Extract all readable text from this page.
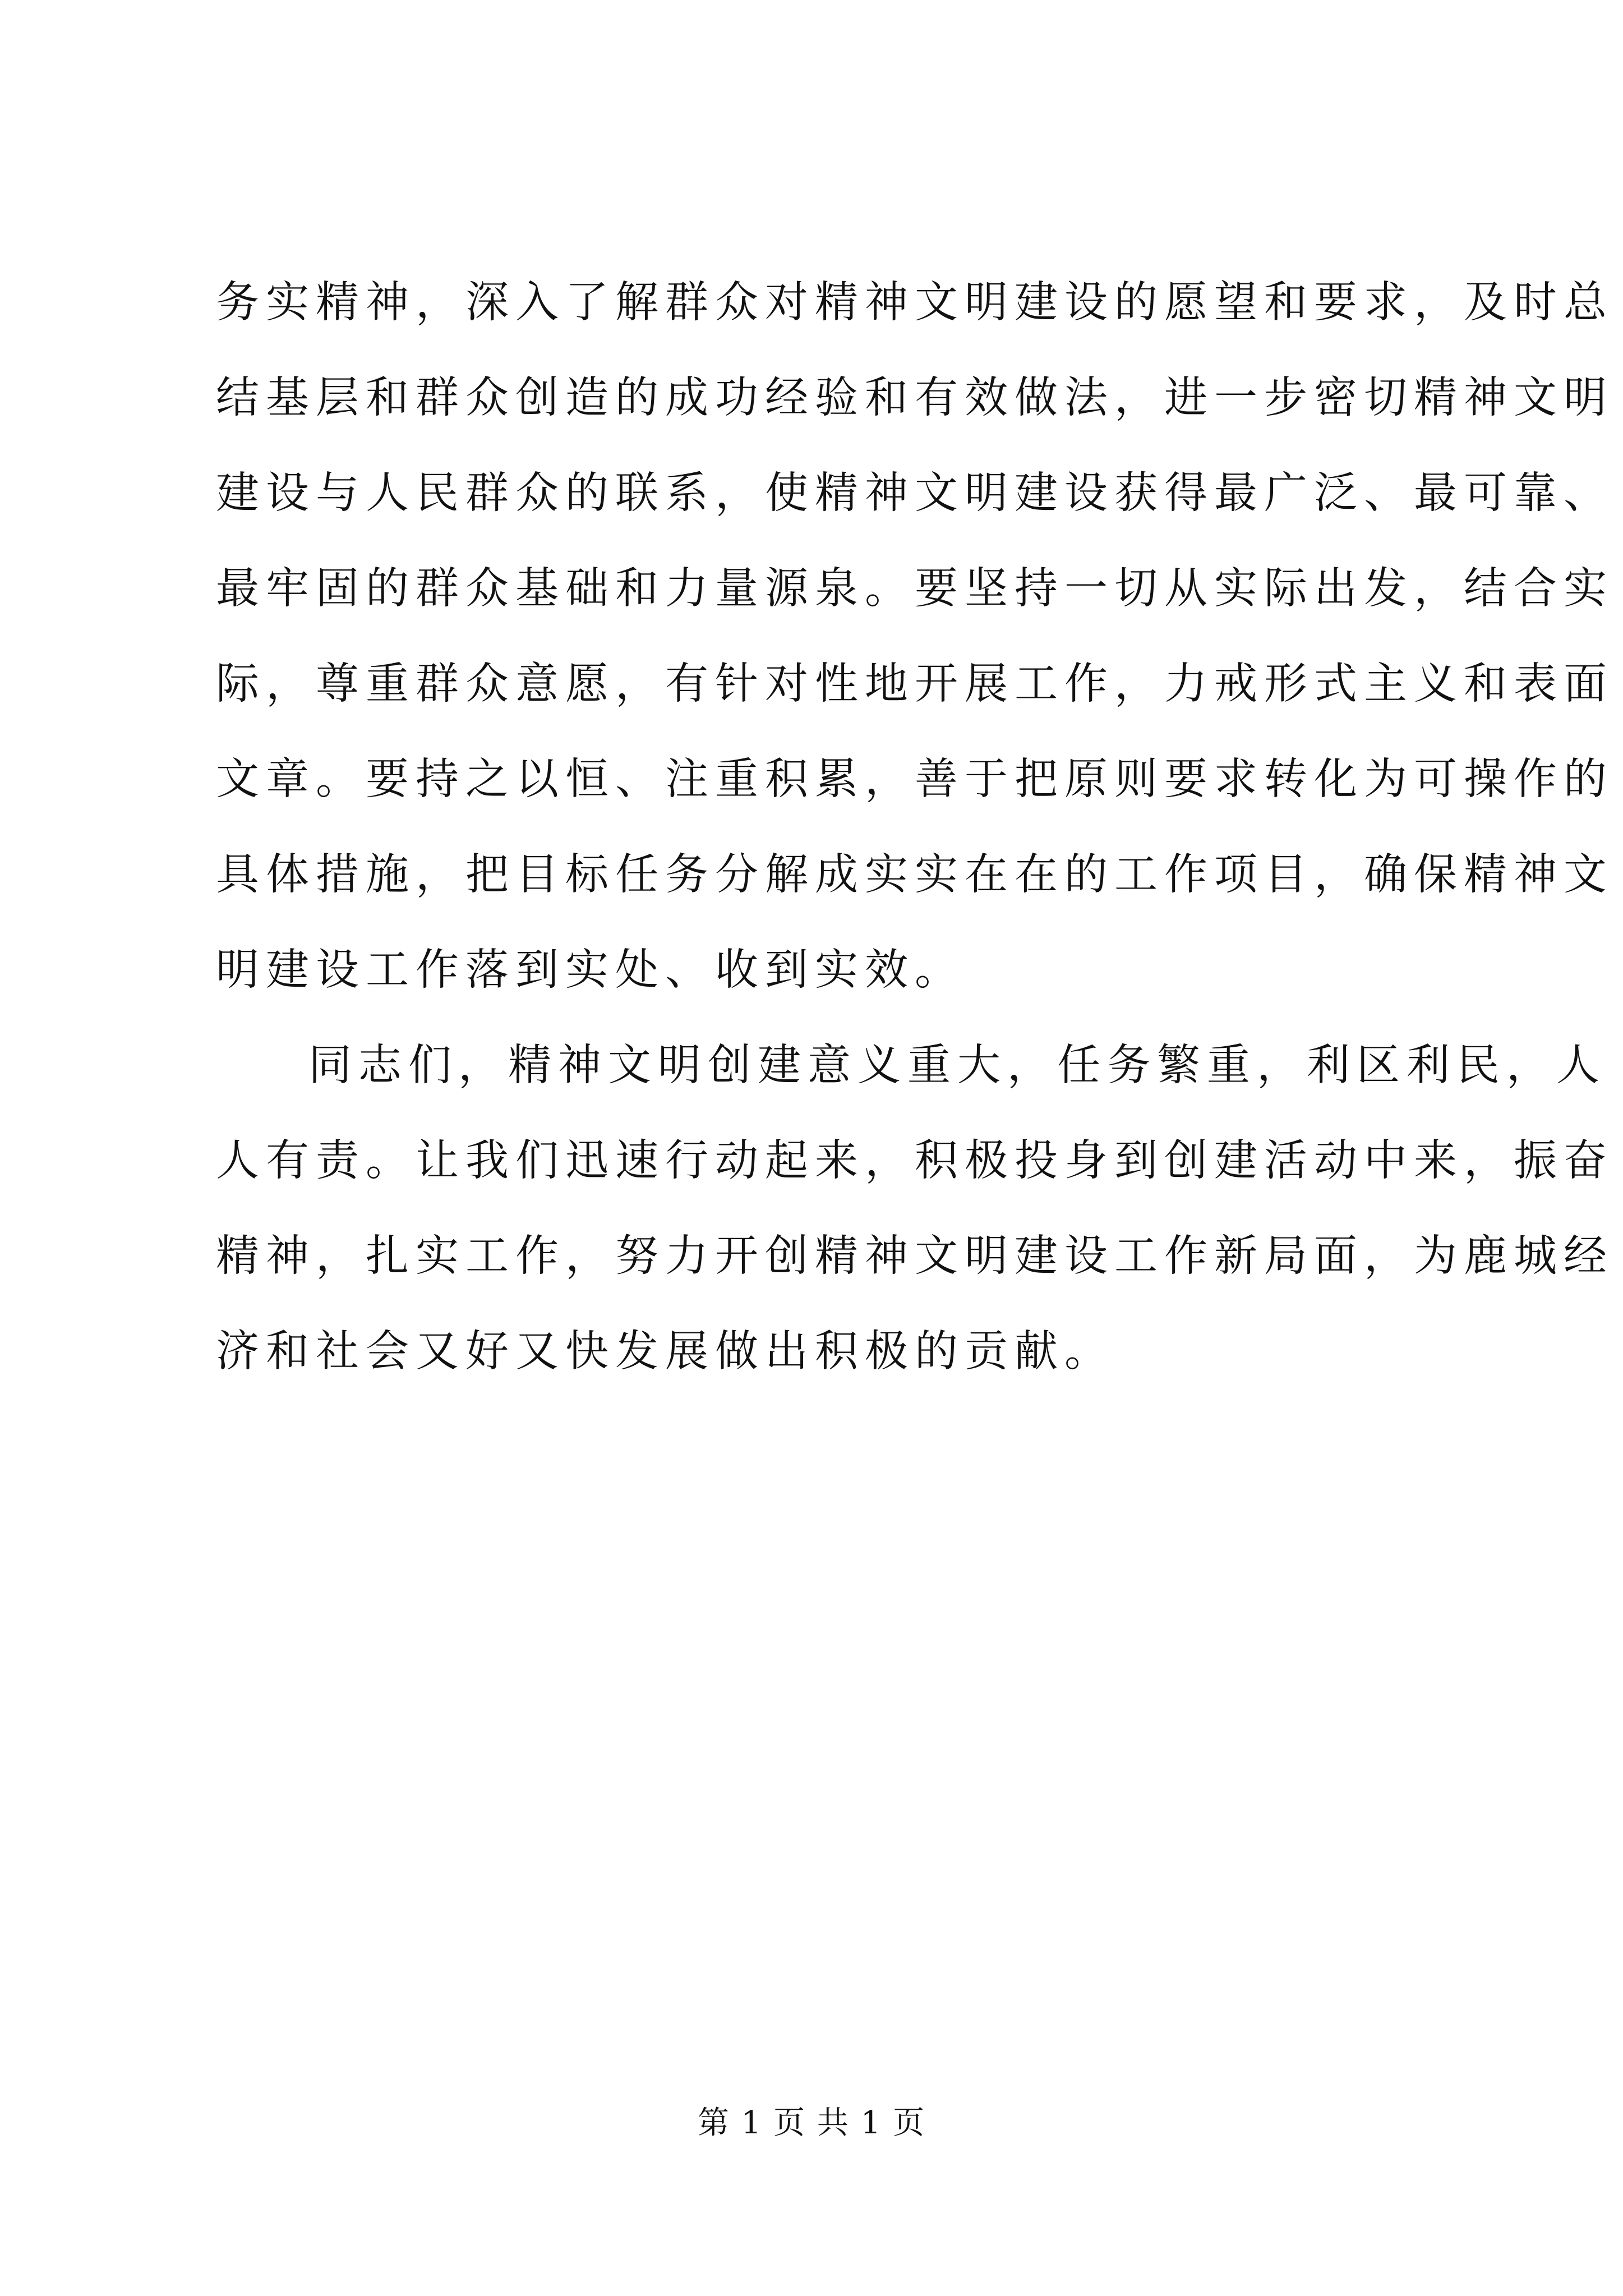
务实精神，深入了解群众对精神文明建设的愿望和要求，及时总
结基层和群众创造的成功经验和有效做法，进一步密切精神文明
建设与人民群众的联系，使精神文明建设获得最广泛、最可靠、
最牢固的群众基础和力量源泉。要坚持一切从实际出发，结合实
际，尊重群众意愿，有针对性地开展工作，力戒形式主义和表面
文章。要持之以恒、注重积累，善于把原则要求转化为可操作的
具体措施，把目标任务分解成实实在在的工作项目，确保精神文
明建设工作落到实处、收到实效。
同志们，精神文明创建意义重大，任务繁重，利区利民，人
人有责。让我们迅速行动起来，积极投身到创建活动中来，振奋
精神，扎实工作，努力开创精神文明建设工作新局面，为鹿城经
济和社会又好又快发展做出积极的贡献。
第 1 页 共 1 页
